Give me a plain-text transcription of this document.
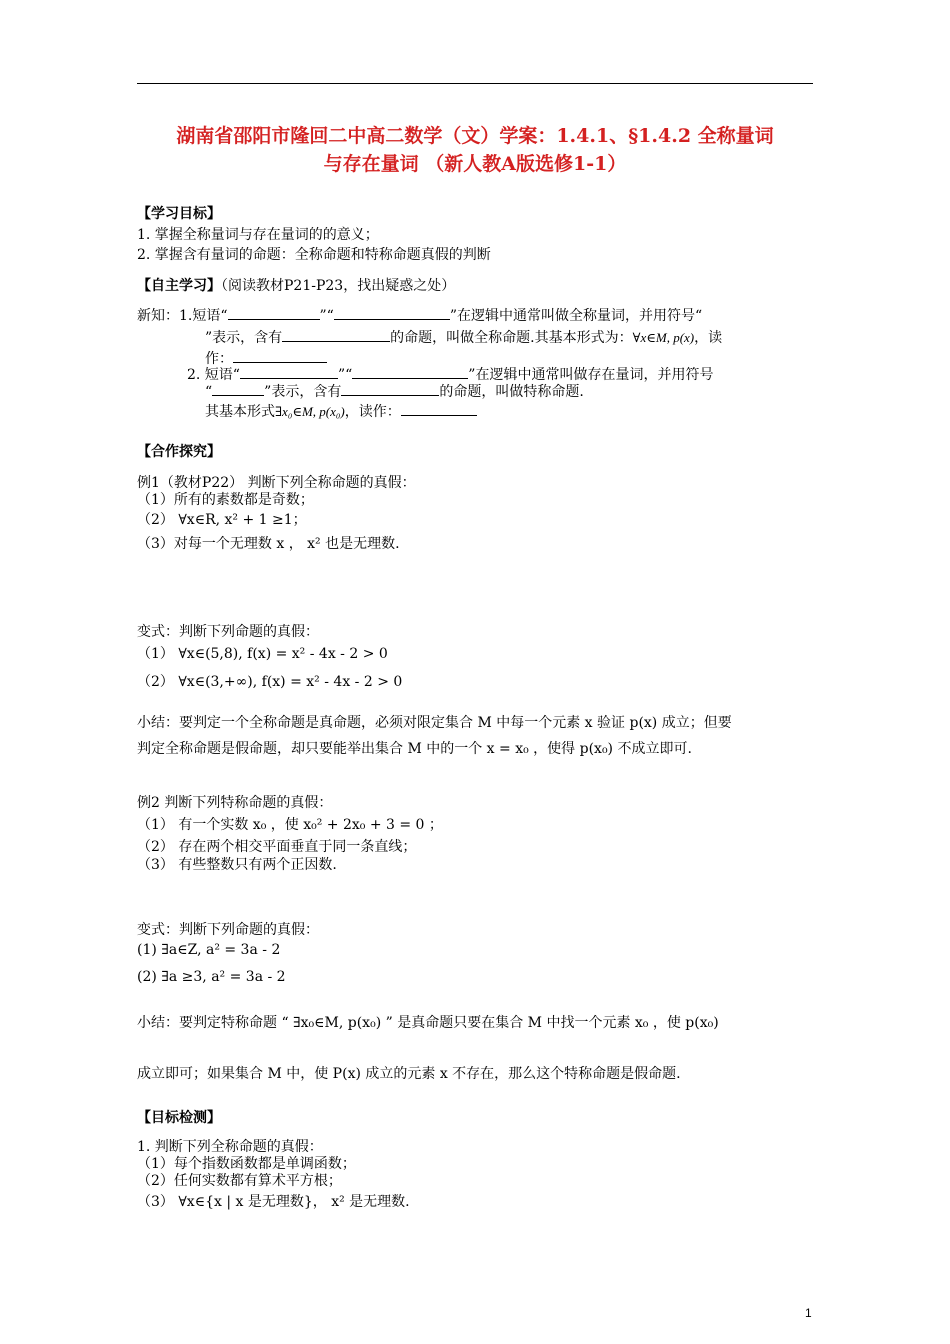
湖南省邵阳市隆回二中高二数学（文）学案：1.4.1、§1.4.2 全称量词
与存在量词 （新人教A版选修1-1）
【学习目标】
1. 掌握全称量词与存在量词的的意义；
2. 掌握含有量词的命题：全称命题和特称命题真假的判断
【自主学习】（阅读教材P21-P23，找出疑惑之处）
新知：1.短语“	”“	”在逻辑中通常叫做全称量词，并用符号“
”表示，含有	的命题，叫做全称命题.其基本形式为：∀x∈M, p(x)，读
作：
2. 短语“	”“	”在逻辑中通常叫做存在量词，并用符号
“	”表示，含有	的命题，叫做特称命题.
其基本形式∃x₀∈M, p(x₀)，读作：
【合作探究】
例1（教材P22） 判断下列全称命题的真假：
（1）所有的素数都是奇数；
（2） ∀x∈R, x² + 1 ≥1；
（3）对每一个无理数 x ， x² 也是无理数.
变式：判断下列命题的真假：
（1） ∀x∈(5,8), f(x) = x² - 4x - 2 > 0
（2） ∀x∈(3,+∞), f(x) = x² - 4x - 2 > 0
小结：要判定一个全称命题是真命题，必须对限定集合 M 中每一个元素 x 验证 p(x) 成立；但要
判定全称命题是假命题，却只要能举出集合 M 中的一个 x = x₀ ，使得 p(x₀) 不成立即可.
例2 判断下列特称命题的真假：
（1） 有一个实数 x₀ ，使 x₀² + 2x₀ + 3 = 0 ；
（2） 存在两个相交平面垂直于同一条直线；
（3） 有些整数只有两个正因数.
变式：判断下列命题的真假：
(1) ∃a∈Z, a² = 3a - 2
(2) ∃a ≥3, a² = 3a - 2
小结：要判定特称命题 “ ∃x₀∈M, p(x₀) ” 是真命题只要在集合 M 中找一个元素 x₀ ，使 p(x₀)
成立即可；如果集合 M 中，使 P(x) 成立的元素 x 不存在，那么这个特称命题是假命题.
【目标检测】
1. 判断下列全称命题的真假：
（1）每个指数函数都是单调函数；
（2）任何实数都有算术平方根；
（3） ∀x∈{x | x 是无理数}， x² 是无理数.
1
